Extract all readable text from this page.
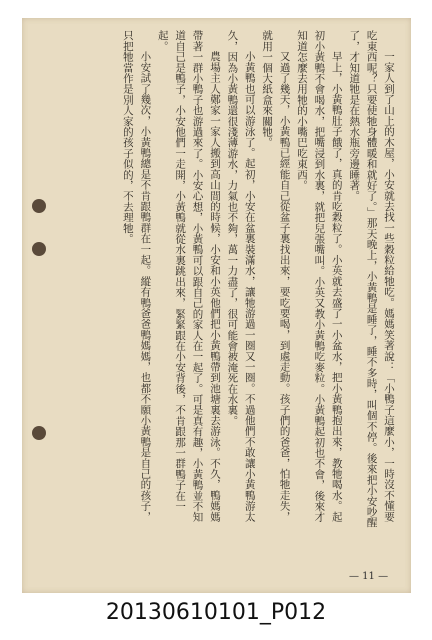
一家人到了山上的木屋，小安就去找一些穀粒給牠吃。媽媽笑著說：「小鴨子這麼小，一時沒不懂要吃東西呢？只要使牠身體暖和就好了。」那天晚上，小黃鴨是睡了，睡不多時，叫個不停。後來把小安吵醒了，才知道牠是在熱水瓶旁邊睡著。

早上，小黃鴨肚子餓了，真的肯吃穀粒了。小英就去盛了一小盆水，把小黃鴨抱出來，教牠喝水。起初小黃鴨不會喝水，把嘴浸到水裏，就把兒張嘴叫。小英又教小黃鴨吃麥粒。小黃鴨起初也不會，後來才知道怎麼去用牠的小嘴巴吃東西。

又過了幾天，小黃鴨已經能自己從盆子裏找出來，要吃要喝，到處走動。孩子們的爸爸，怕牠走失，就用一個大紙盒來關牠。

小黃鴨也可以游泳了。起初，小安在盆裏裝滿水，讓牠游過一圈又一圈。不過他們不敢讓小黃鴨游太久，因為小黃鴨還很淺薄游水，力氣也不夠，萬一力盡了，很可能會被淹死在水裏。

農場主人鄭家一家人搬到高山間的時候，小安和小英他們把小黃鴨帶到池塘裏去游泳。不久，鴨媽媽帶著一群小鴨子也游過來了。小安心想，小黃鴨可以跟自己的家人在一起了。可是真有趣，小黃鴨並不知道自己是鴨子，小安他們一走開，小黃鴨就從水裏跳出來，緊緊跟在小安背後，不肯跟那一群鴨子在一起。

小安試了幾次，小黃鴨總是不肯跟鴨群在一起。縱有鴨爸爸鴨媽媽，也都不願小黃鴨是自己的孩子，只把牠當作是別人家的孩子似的，不去理牠。

— 11 —
20130610101_P012
